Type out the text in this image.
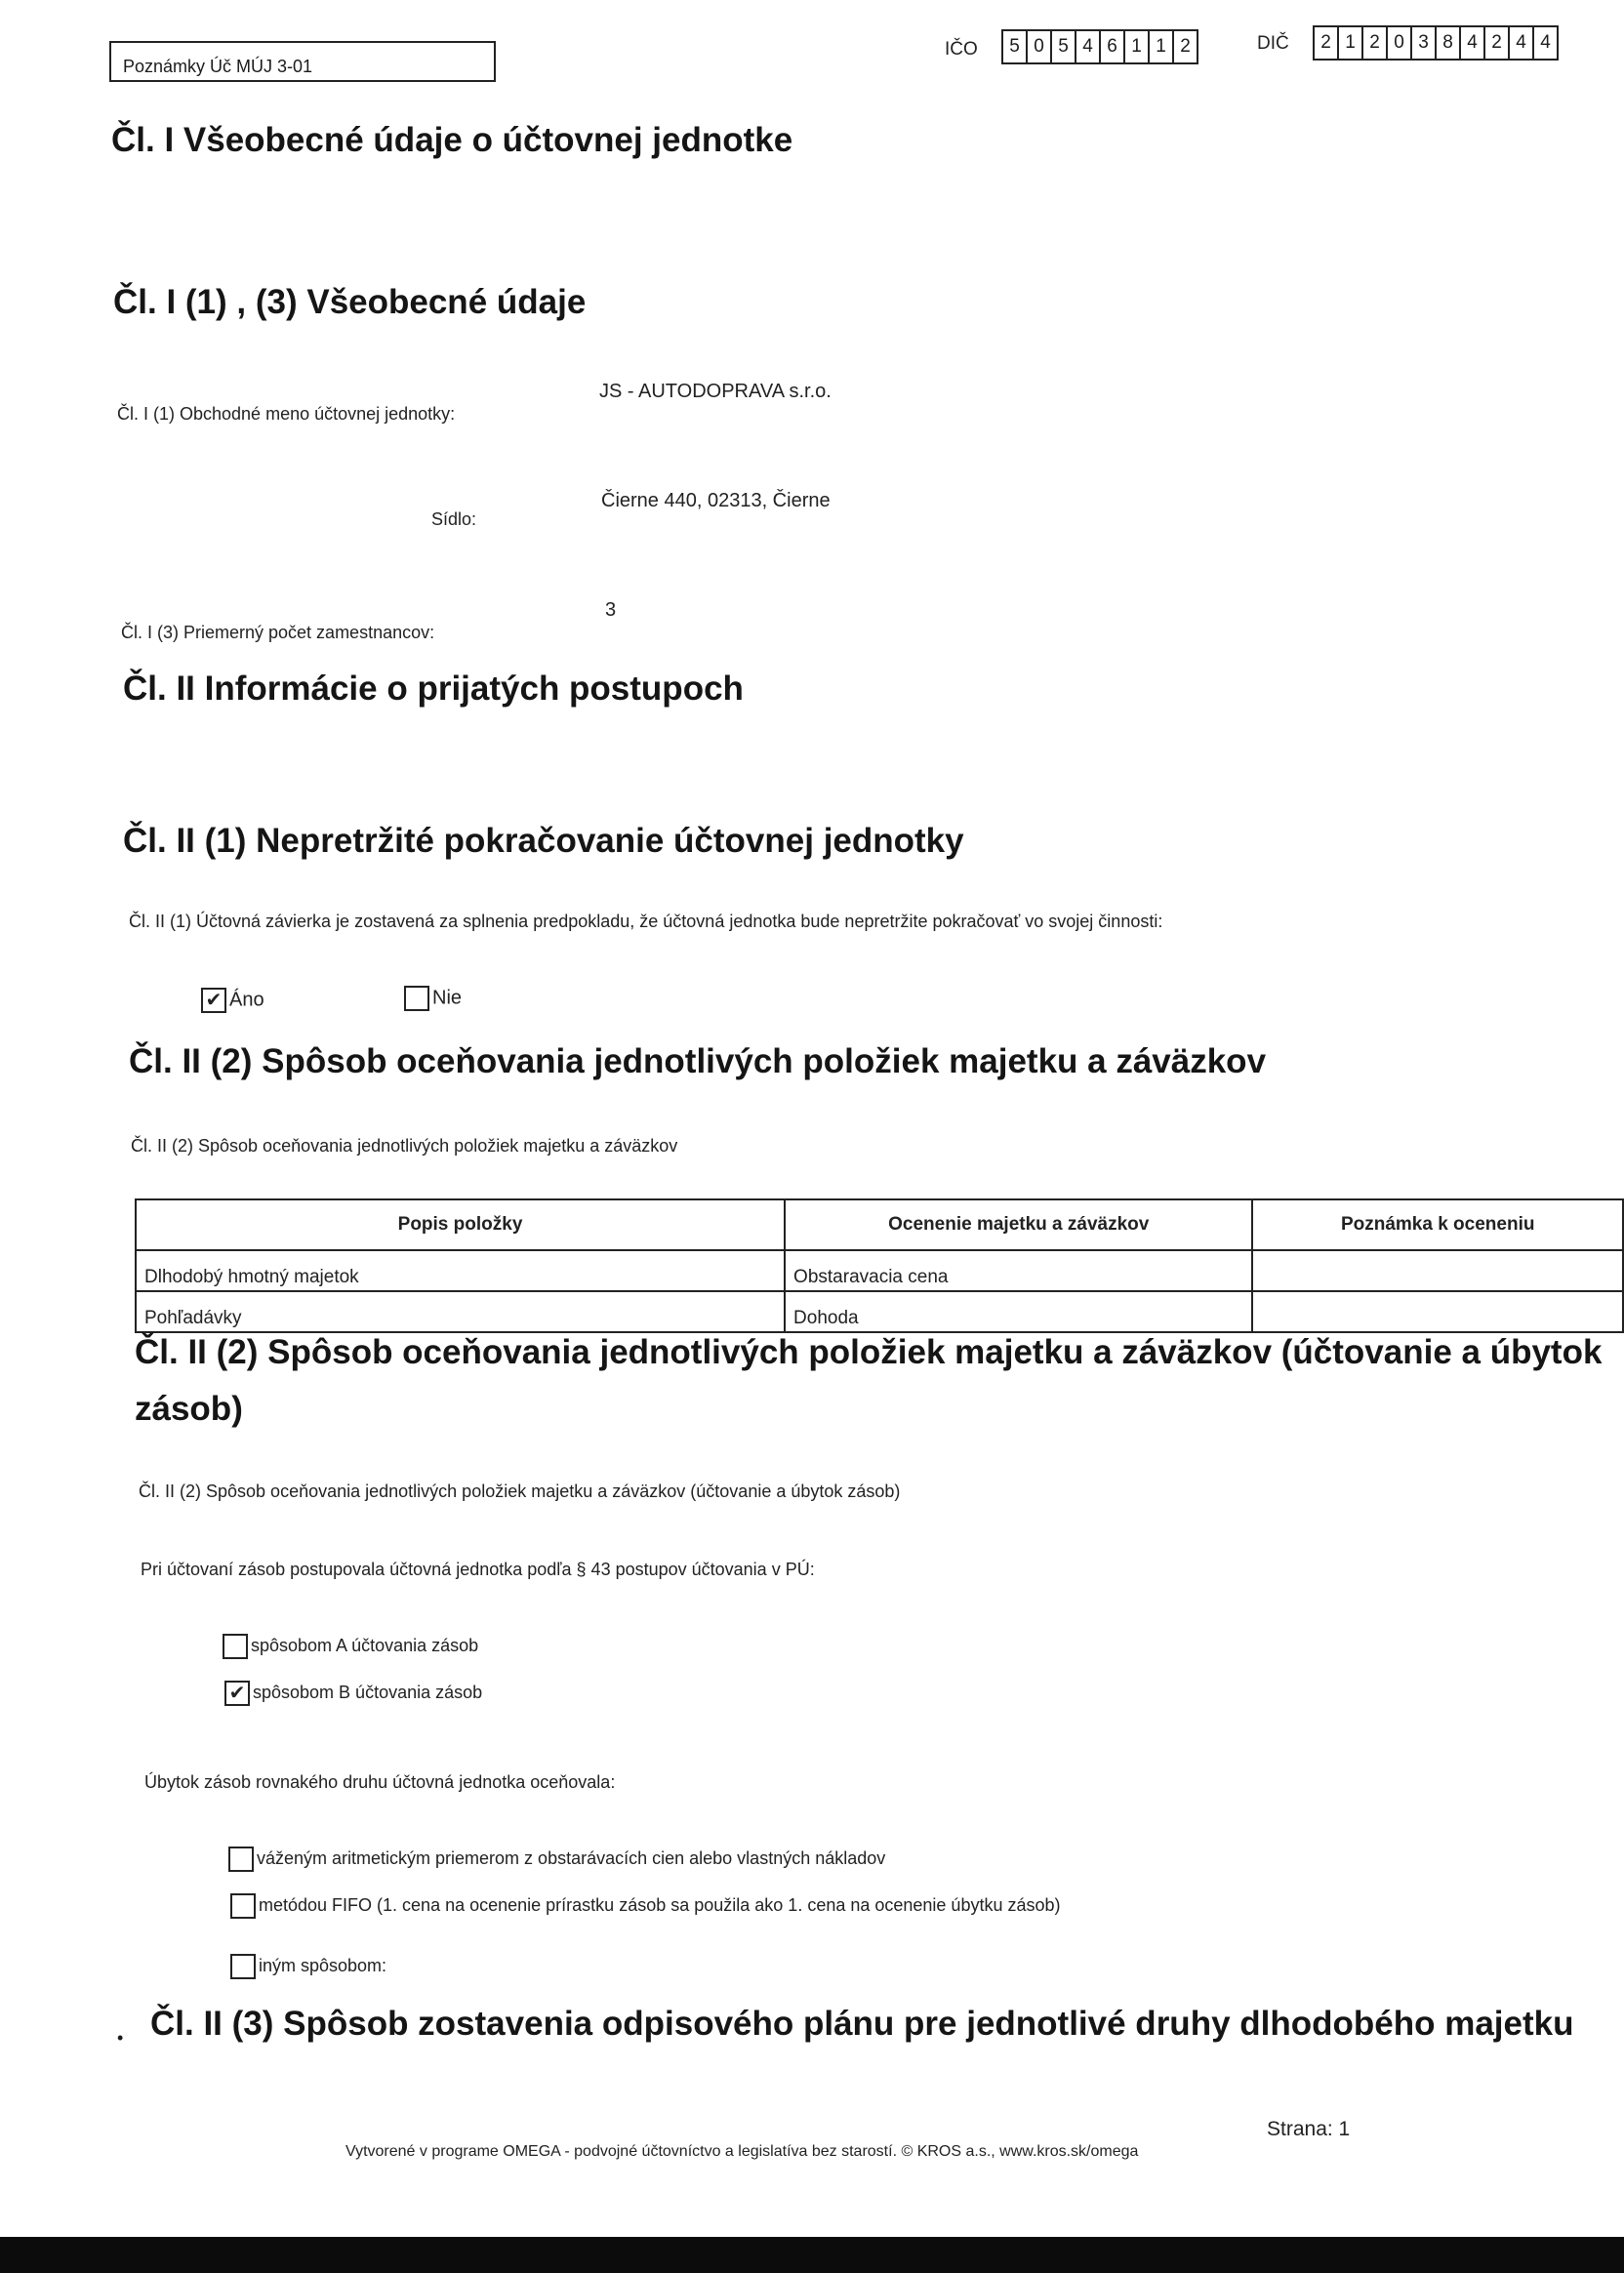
Poznámky Úč MÚJ 3-01
IČO	5 0 5 4 6 1 1 2	DIČ	2 1 2 0 3 8 4 2 4 4
Čl. I Všeobecné údaje o účtovnej jednotke
Čl. I (1) , (3) Všeobecné údaje
Čl. I (1) Obchodné meno účtovnej jednotky:
JS - AUTODOPRAVA s.r.o.
Sídlo:
Čierne 440, 02313, Čierne
Čl. I (3) Priemerný počet zamestnancov:
3
Čl. II Informácie o prijatých postupoch
Čl. II (1) Nepretržité pokračovanie účtovnej jednotky
Čl. II (1) Účtovná závierka je zostavená za splnenia predpokladu, že účtovná jednotka bude nepretržite pokračovať vo svojej činnosti:
✔ Áno	Nie
Čl. II (2) Spôsob oceňovania jednotlivých položiek majetku a záväzkov
Čl. II (2) Spôsob oceňovania jednotlivých položiek majetku a záväzkov
Popis položky	Ocenenie majetku a záväzkov	Poznámka k oceneniu
Dlhodobý hmotný majetok	Obstaravacia cena	
Pohľadávky	Dohoda	
Čl. II (2) Spôsob oceňovania jednotlivých položiek majetku a záväzkov (účtovanie a úbytok
zásob)
Čl. II (2) Spôsob oceňovania jednotlivých položiek majetku a záväzkov (účtovanie a úbytok zásob)
Pri účtovaní zásob postupovala účtovná jednotka podľa § 43 postupov účtovania v PÚ:
spôsobom A účtovania zásob
✔ spôsobom B účtovania zásob
Úbytok zásob rovnakého druhu účtovná jednotka oceňovala:
váženým aritmetickým priemerom z obstarávacích cien alebo vlastných nákladov
metódou FIFO (1. cena na ocenenie prírastku zásob sa použila ako 1. cena na ocenenie úbytku zásob)
iným spôsobom:
• Čl. II (3) Spôsob zostavenia odpisového plánu pre jednotlivé druhy dlhodobého majetku
Vytvorené v programe OMEGA - podvojné účtovníctvo a legislatíva bez starostí. © KROS a.s., www.kros.sk/omega
Strana: 1
